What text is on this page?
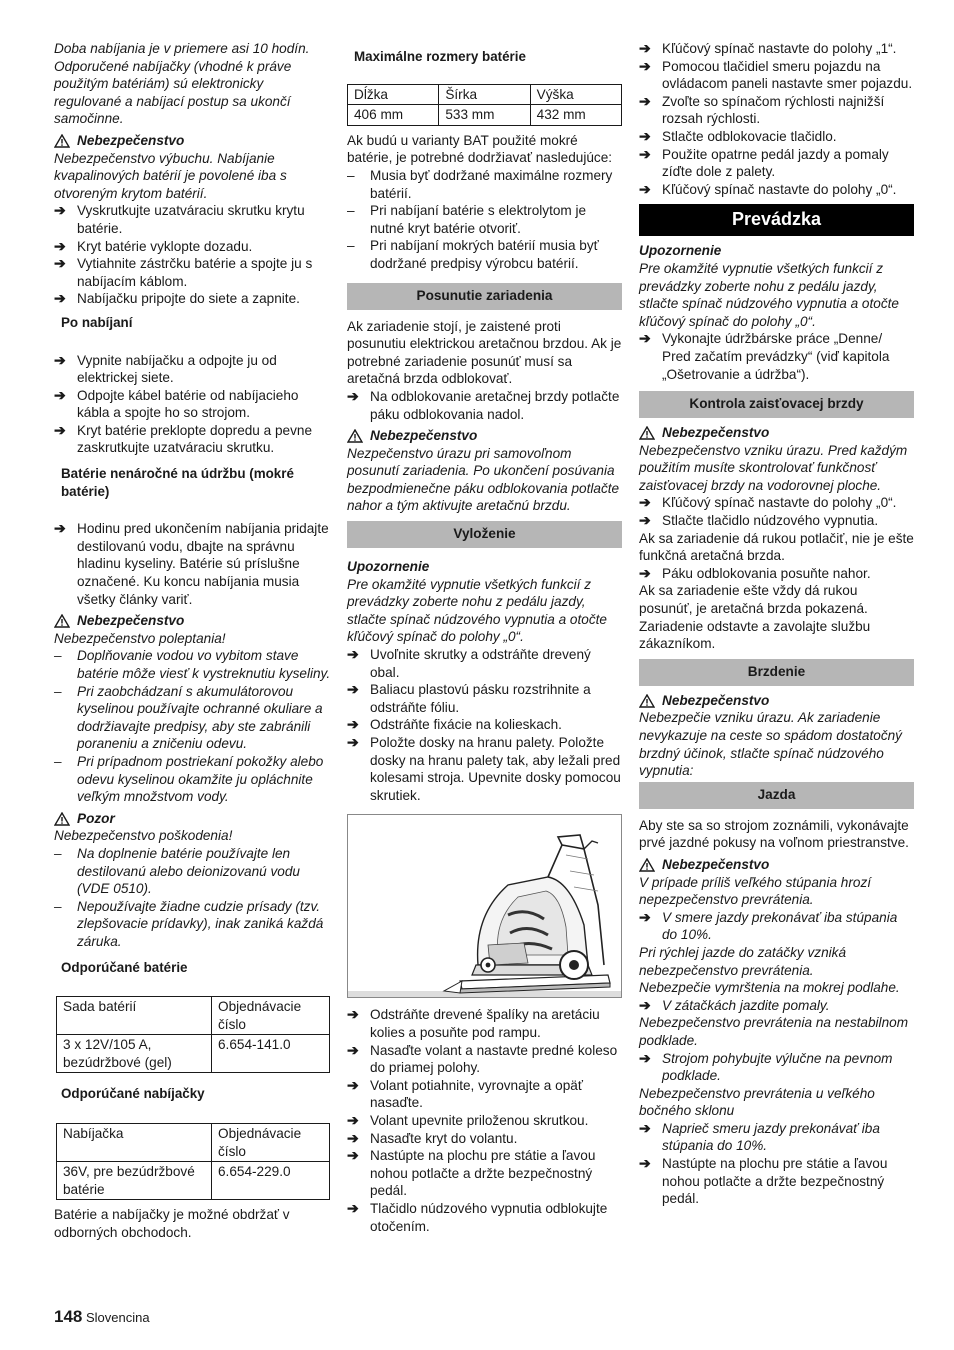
Doba nabíjania je v priemere asi 10 hodín. Odporučené nabíjačky (vhodné k práve použitým batériám) sú elektronicky regulované a nabíjací postup sa ukončí samočinne.

Nebezpečenstvo

Nebezpečenstvo výbuchu. Nabíjanie kvapalinových batérií je povolené iba s otvoreným krytom batérií.

➔ Vyskrutkujte uzatváraciu skrutku krytu batérie.
➔ Kryt batérie vyklopte dozadu.
➔ Vytiahnite zástrčku batérie a spojte ju s nabíjacím káblom.
➔ Nabíjačku pripojte do siete a zapnite.

Po nabíjaní

➔ Vypnite nabíjačku a odpojte ju od elektrickej siete.
➔ Odpojte kábel batérie od nabíjacieho kábla a spojte ho so strojom.
➔ Kryt batérie preklopte dopredu a pevne zaskrutkujte uzatváraciu skrutku.

Batérie nenáročné na údržbu (mokré batérie)

➔ Hodinu pred ukončením nabíjania pridajte destilovanú vodu, dbajte na správnu hladinu kyseliny. Batérie sú príslušne označené. Ku koncu nabíjania musia všetky články variť.
Nebezpečenstvo

Nebezpečenstvo poleptania!

–	Doplňovanie vodou vo vybitom stave batérie môže viesť k vystreknutiu kyseliny.
–	Pri zaobchádzaní s akumulátorovou kyselinou používajte ochranné okuliare a dodržiavajte predpisy, aby ste zabránili poraneniu a zničeniu odevu.
–	Pri prípadnom postriekaní pokožky alebo odevu kyselinou okamžite ju opláchnite veľkým množstvom vody.
Pozor

Nebezpečenstvo poškodenia!

–	Na doplnenie batérie používajte len destilovanú alebo deionizovanú vodu (VDE 0510).
–	Nepoužívajte žiadne cudzie prísady (tzv. zlepšovacie prídavky), inak zaniká každá záruka.

Odporúčané batérie

Sada batérií	Objednávacie číslo
3 x 12V/105 A, bezúdržbové (gel)	6.654-141.0

Odporúčané nabíjačky

Nabíjačka	Objednávacie číslo
36V, pre bezúdržbové batérie	6.654-229.0

Batérie a nabíjačky je možné obdržať v odborných obchodoch.

Maximálne rozmery batérie

Dĺžka	Šírka	Výška
406 mm	533 mm	432 mm

Ak budú u varianty BAT použité mokré batérie, je potrebné dodržiavať nasledujúce:

–	Musia byť dodržané maximálne rozmery batérií.
–	Pri nabíjaní batérie s elektrolytom je nutné kryt batérie otvoriť.
–	Pri nabíjaní mokrých batérií musia byť dodržané predpisy výrobcu batérií.
Posunutie zariadenia

Ak zariadenie stojí, je zaistené proti posunutiu elektrickou aretačnou brzdou. Ak je potrebné zariadenie posunúť musí sa aretačná brzda odblokovať.

➔ Na odblokovanie aretačnej brzdy potlačte páku odblokovania nadol.
Nebezpečenstvo

Nezpečenstvo úrazu pri samovoľnom posunutí zariadenia. Po ukončení posúvania bezpodmienečne páku odblokovania potlačte nahor a tým aktivujte aretačnú brzdu.

Vyloženie

Upozornenie

Pre okamžité vypnutie všetkých funkcií z prevádzky zoberte nohu z pedálu jazdy, stlačte spínač núdzového vypnutia a otočte kľúčový spínač do polohy „0“.

➔ Uvoľnite skrutky a odstráňte drevený obal.
➔ Baliacu plastovú pásku rozstrihnite a odstráňte fóliu.
➔ Odstráňte fixácie na kolieskach.
➔ Položte dosky na hranu palety. Položte dosky na hranu palety tak, aby ležali pred kolesami stroja. Upevnite dosky pomocou skrutiek.
➔ Odstráňte drevené špalíky na aretáciu kolies a posuňte pod rampu.
➔ Nasaďte volant a nastavte predné koleso do priamej polohy.
➔ Volant potiahnite, vyrovnajte a opäť nasaďte.
➔ Volant upevnite priloženou skrutkou.
➔ Nasaďte kryt do volantu.
➔ Nastúpte na plochu pre státie a ľavou nohou potlačte a držte bezpečnostný pedál.
➔ Tlačidlo núdzového vypnutia odblokujte otočením.
➔ Kľúčový spínač nastavte do polohy „1“.
➔ Pomocou tlačidiel smeru pojazdu na ovládacom paneli nastavte smer pojazdu.
➔ Zvoľte so spínačom rýchlosti najnižší rozsah rýchlosti.
➔ Stlačte odblokovacie tlačidlo.
➔ Použite opatrne pedál jazdy a pomaly zíďte dole z palety.
➔ Kľúčový spínač nastavte do polohy „0“.
Prevádzka

Upozornenie

Pre okamžité vypnutie všetkých funkcií z prevádzky zoberte nohu z pedálu jazdy, stlačte spínač núdzového vypnutia a otočte kľúčový spínač do polohy „0“.

➔ Vykonajte údržbárske práce „Denne/ Pred začatím prevádzky“ (viď kapitola „Ošetrovanie a údržba“).
Kontrola zaisťovacej brzdy
Nebezpečenstvo

Nebezpečenstvo vzniku úrazu. Pred každým použitím musíte skontrolovať funkčnosť zaisťovacej brzdy na vodorovnej ploche.

➔ Kľúčový spínač nastavte do polohy „0“.
➔ Stlačte tlačidlo núdzového vypnutia.

Ak sa zariadenie dá rukou potlačiť, nie je ešte funkčná aretačná brzda.

➔ Páku odblokovania posuňte nahor.

Ak sa zariadenie ešte vždy dá rukou posunúť, je aretačná brzda pokazená. Zariadenie odstavte a zavolajte službu zákazníkom.

Brzdenie
Nebezpečenstvo

Nebezpečie vzniku úrazu. Ak zariadenie nevykazuje na ceste so spádom dostatočný brzdný účinok, stlačte spínač núdzového vypnutia:

Jazda

Aby ste sa so strojom zoznámili, vykonávajte prvé jazdné pokusy na voľnom priestranstve.

Nebezpečenstvo

V prípade príliš veľkého stúpania hrozí nepezpečenstvo prevrátenia.

➔ V smere jazdy prekonávať iba stúpania do 10%.

Pri rýchlej jazde do zatáčky vzniká nebezpečenstvo prevrátenia.

Nebezpečie vymrštenia na mokrej podlahe.

➔ V zátačkách jazdite pomaly.

Nebezpečenstvo prevrátenia na nestabilnom podklade.

➔ Strojom pohybujte výlučne na pevnom podklade.

Nebezpečenstvo prevrátenia u veľkého bočného sklonu

➔ Naprieč smeru jazdy prekonávať iba stúpania do 10%.
➔ Nastúpte na plochu pre státie a ľavou nohou potlačte a držte bezpečnostný pedál.
148 Slovencina
